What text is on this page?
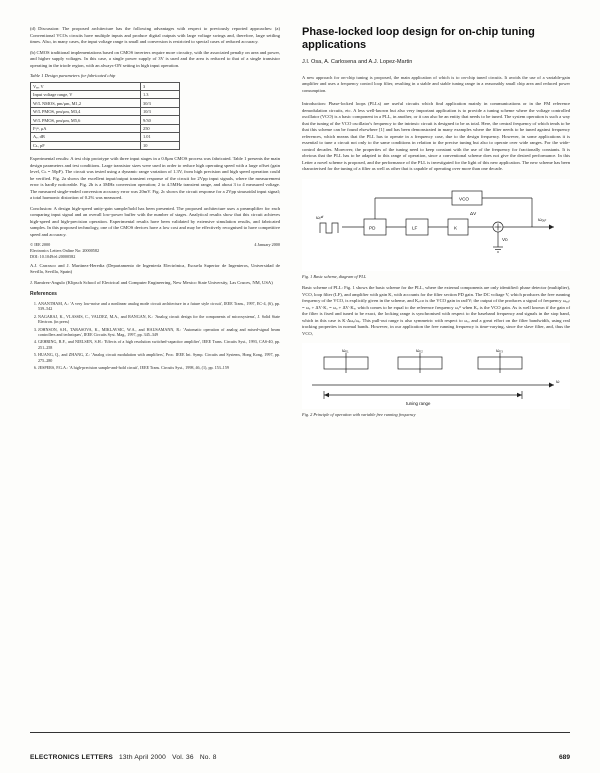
(d) Discussion: The proposed architecture has the following advantages with respect to previously reported approaches: (a) Conventional VCOs circuits have multiple inputs and produce digital outputs with large voltage swings and, therefore, large settling times. Also, in many cases, the input voltage range is small and conversion is restricted to special cases of reduced accuracy.

(b) CMOS traditional implementations based on CMOS inverters require more circuitry, with the associated penalty on area and power, and higher supply voltages. In this case, a single power supply of 3V is used and the area is reduced to that of a single transistor operating in the triode region, with an always-ON setting in high input operation.

Table 1 Design parameters for fabricated chip
Vₑₑ, V	3
Input voltage range, V	1.3
W/L NMOS, pm/μm, M1,2	30/3
W/L PMOS, pm/μm, M3,4	10/3
W/L PMOS, pm/μm, M5,6	9/30
Iᵇᵢᵃˢ, μA	250
Aᵥ, dB	1.01
Cʟ, pF	10

Experimental results: A test chip prototype with three input stages in a 0.8μm CMOS process was fabricated. Table 1 presents the main design parameters and test conditions. Large transistor sizes were used in order to reduce high operating speed with a large offset (gain level, Cʟ = 50pF). The circuit was tested using a dynamic range variation of 1.3V, from high precision and high speed operation could be verified. Fig. 2a shows the excellent input/output transient response of the circuit for 2Vpp input signals, where the measurement error is hardly noticeable. Fig. 2b is a 3MHz conversion operation; 2 to 4.5MHz transient range, and about 3 to 4 measured voltage. The measured single-ended conversion accuracy error was 20mV. Fig. 2c shows the circuit response for a 2Vpp sinusoidal input signal; a total harmonic distortion of 0.2% was measured.

Conclusion: A design high-speed unity-gain sample/hold has been presented. The proposed architecture uses a preamplifier for each comparing input signal and an overall low-power buffer with the number of stages. Analytical results show that this circuit achieves high-speed and high-precision operation. Experimental results have been validated by extensive simulation results, and fabricated samples. In this proposed technology, one of the CMOS devices have a low cost and may be effectively recognised to have competitive speed and accuracy.

© IEE 2000	4 January 2000
Electronics Letters Online No: 20000582
DOI: 10.1049/el:20000582

A.J. Carrasco and J. Martinez-Heredia (Departamento de Ingeniería Electrónica, Escuela Superior de Ingenieros, Universidad de Sevilla, Sevilla, Spain)

J. Ramírez-Angulo (Klipsch School of Electrical and Computer Engineering, New Mexico State University, Las Cruces, NM, USA)

References
1. ANANTHAM, A.: 'A very low-noise and a nonlinear analog mode circuit architecture in a future style circuit', IEEE Trans., 1997, EC-4, (6), pp. 539–542
2. NAGARAJ, K., VLASSIS, C., VALDEZ, M.A., and RANGAN, K.: 'Analog circuit design for the components of microsystems', J. Solid State Electron. (in press)
3. JOHNSON, S.H., TARASOVA, K., MIKLAVSIC, W.A., and HAUSAMANN, R.: 'Automatic operation of analog and mixed-signal beam controllers and techniques', IEEE Circuits Syst. Mag., 1997, pp. 345–349
4. GEHRING, R.F., and NIELSEN, S.H.: 'Effects of a high resolution switched-capacitor amplifier', IEEE Trans. Circuits Syst., 1993, CAS-40, pp. 251–258
5. HUANG, Q., and ZHANG, Z.: 'Analog circuit modulation with amplifiers', Proc. IEEE Int. Symp. Circuits and Systems, Hong Kong, 1997, pp. 275–280
6. JESPERS, P.G.A.: 'A high-precision sample-and-hold circuit', IEEE Trans. Circuits Syst., 1998, 46, (1), pp. 153–159
Phase-locked loop design for on-chip tuning applications
J.I. Osa, A. Carlosena and A.J. Lopez-Martin
A new approach for on-chip tuning is proposed, the main application of which is to on-chip tuned circuits. It avoids the use of a variable-gain amplifier and uses a frequency control loop filter, resulting in a stable and stable tuning range in a reasonably small chip area and reduced power consumption.

Introduction: Phase-locked loops (PLLs) are useful circuits which find application mainly in communications or in the FM reference demodulation circuits, etc. A less well-known but also very important application is to provide a tuning scheme where the voltage controlled oscillator (VCO) is a basic component in a PLL, in another, or it can also be an entity that needs to be tuned. The system operation is such a way that the tuning of the VCO oscillator's frequency to the intrinsic circuit is designed to be as total. Here, the central frequency of which tends to be that this scheme can be found elsewhere [1] and has been demonstrated in many examples where the filter needs to be tuned against frequency references, which means that the PLL has to operate in a frequency case, due to the design frequency. However, in some applications it is essential to tune a circuit not only to the same conditions in relation to the precise tuning but also to operate over wide ranges. For the wide-control decades. Moreover, the properties of the tuning need to keep constant with the use of the frequency for fractionally constants. It is obvious that the PLL has to be adapted to this range of operation, since a conventional scheme does not give the desired performance. In this Letter a novel scheme is proposed, and the performance of the PLL is investigated for the light of this new application. The new scheme has been characterised for the tuning of a filter as well as other that is capable of operating over more than one decade.

PD	LF	K
VCO
ωᵣᵉᶠ	ωₒᵤₜ
Vᴅ
ΔV
Fig. 1 Basic scheme, diagram of PLL

Basic scheme of PLL: Fig. 1 shows the basic scheme for the PLL, where the external components are only identified: phase detector (multiplier), VCO, loop filter (LF), and amplifier with gain K, with accounts for the filter section PD gain. The DC voltage V, which produces the free running frequency of the VCO, is explicitly given in the scheme, and Kᵥᴄᴏ is the VCO gain in rad/V; the output of the produces a signal of frequency ωₒᵤₜ = ωₒ + ΔV·K, = ωₒ + ΔV·Kᵥ, which comes to be equal to the reference frequency ωᵣᵉᶠ when Kᵥ is the VCO gain. As is well known if the gain of the filter is fixed and tuned to be exact, the locking range is synchronised with respect to the baseband frequency and signals in the stop band, which in this case is K·Δωₑ/ωₒ. This pull-out range is also symmetric with respect to ωₒ, and a great effort on the filter bandwidth, using real tracking properties in normal bands. However, in our application the free running frequency is time-varying, since the slave filter, and, thus the VCO,

ωₒ₁	ωₒ₂	ωₒ₃
ω
tuning range
Fig. 2 Principle of operation with variable free running frequency
ELECTRONICS LETTERS 13th April 2000 Vol. 36 No. 8	689
